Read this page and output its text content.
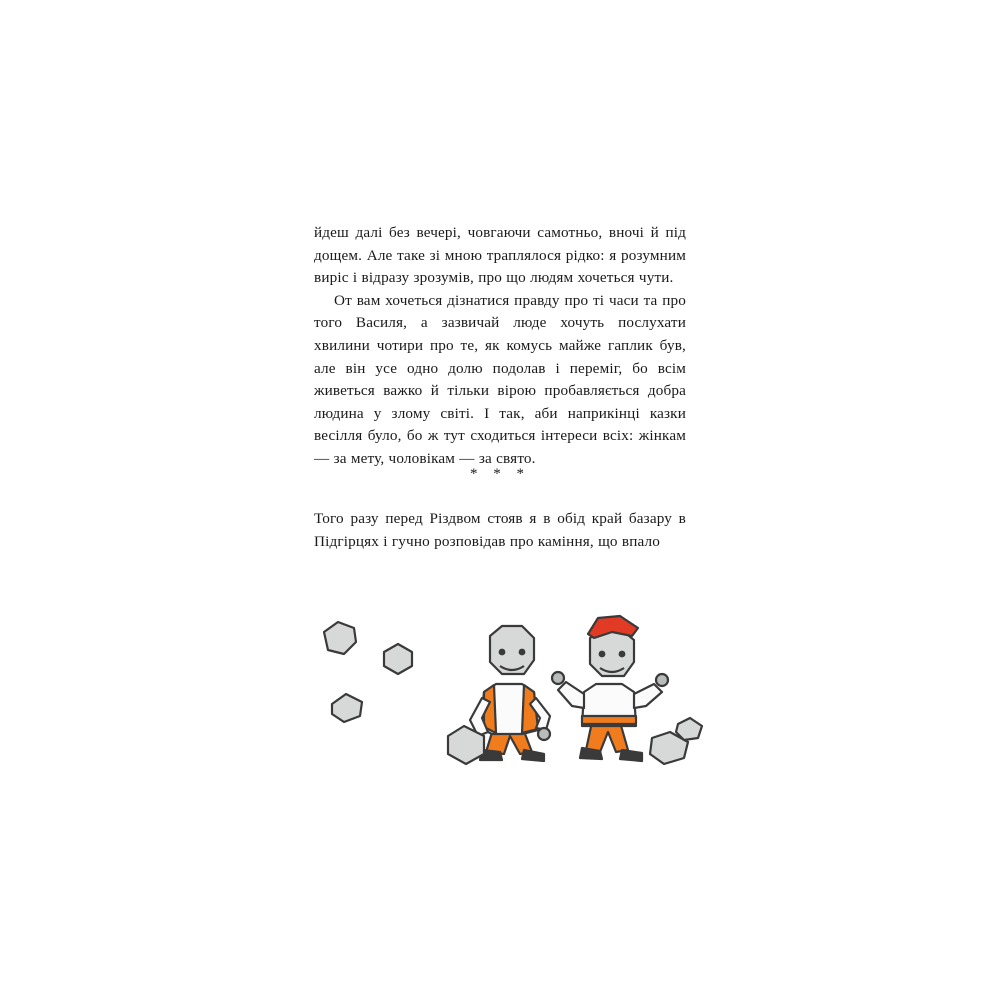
йдеш далі без вечері, човгаючи самотньо, вночі й під дощем. Але таке зі мною траплялося рідко: я розумним виріс і відразу зрозумів, про що людям хочеться чути.

От вам хочеться дізнатися правду про ті часи та про того Василя, а зазвичай люде хочуть послухати хвилини чотири про те, як комусь майже гаплик був, але він усе одно долю подолав і переміг, бо всім живеться важко й тільки вірою пробавляється добра людина у злому світі. І так, аби наприкінці казки весілля було, бо ж тут сходиться інтереси всіх: жінкам — за мету, чоловікам — за свято.

* * *

Того разу перед Різдвом стояв я в обід край базару в Підгірцях і гучно розповідав про каміння, що впало
